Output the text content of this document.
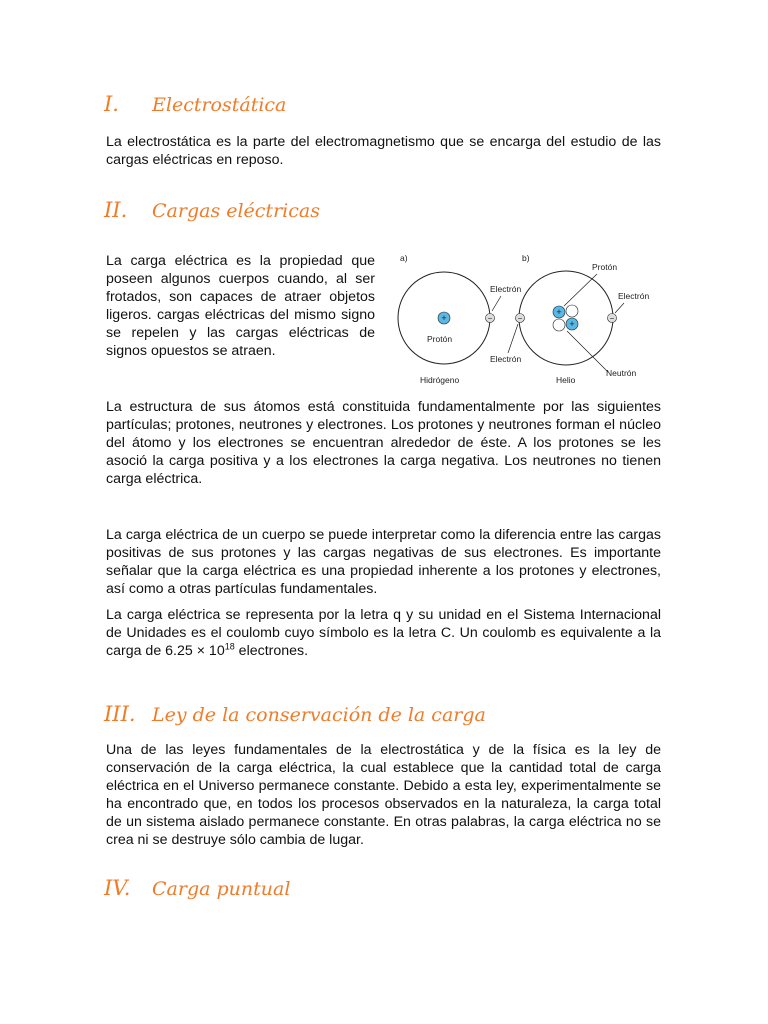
I.	Electrostática

La electrostática es la parte del electromagnetismo que se encarga del estudio de las cargas eléctricas en reposo.

II.	Cargas eléctricas

La carga eléctrica es la propiedad que poseen algunos cuerpos cuando, al ser frotados, son capaces de atraer objetos ligeros. cargas eléctricas del mismo signo se repelen y las cargas eléctricas de signos opuestos se atraen.

a)
+
Protón
−
Electrón
Hidrógeno
b)
+
+
−	−
Protón
Electrón
Electrón
Neutrón
Helio

La estructura de sus átomos está constituida fundamentalmente por las siguientes partículas; protones, neutrones y electrones. Los protones y neutrones forman el núcleo del átomo y los electrones se encuentran alrededor de éste. A los protones se les asoció la carga positiva y a los electrones la carga negativa. Los neutrones no tienen carga eléctrica.

La carga eléctrica de un cuerpo se puede interpretar como la diferencia entre las cargas positivas de sus protones y las cargas negativas de sus electrones. Es importante señalar que la carga eléctrica es una propiedad inherente a los protones y electrones, así como a otras partículas fundamentales.

La carga eléctrica se representa por la letra q y su unidad en el Sistema Internacional de Unidades es el coulomb cuyo símbolo es la letra C. Un coulomb es equivalente a la carga de $6.25 \times 10^{18}$ electrones.

III. Ley de la conservación de la carga

Una de las leyes fundamentales de la electrostática y de la física es la ley de conservación de la carga eléctrica, la cual establece que la cantidad total de carga eléctrica en el Universo permanece constante. Debido a esta ley, experimentalmente se ha encontrado que, en todos los procesos observados en la naturaleza, la carga total de un sistema aislado permanece constante. En otras palabras, la carga eléctrica no se crea ni se destruye sólo cambia de lugar.

IV.	Carga puntual
